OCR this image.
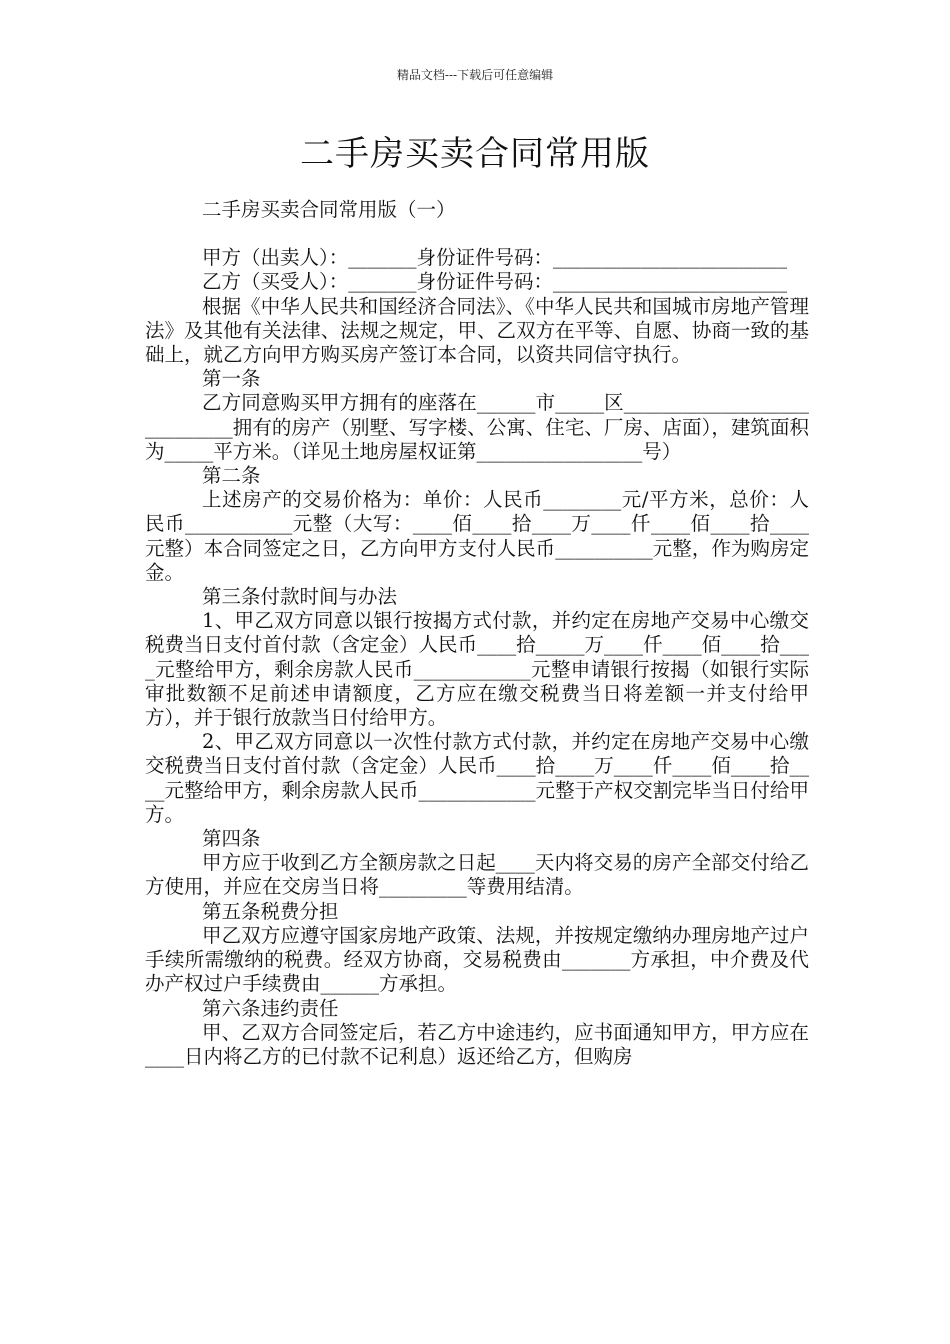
精品文档---下载后可任意编辑
二手房买卖合同常用版

二手房买卖合同常用版（一）

甲方（出卖人）：_______身份证件号码：________________________

乙方（买受人）：_______身份证件号码：________________________

根据《中华人民共和国经济合同法》、《中华人民共和国城市房地产管理法》及其他有关法律、法规之规定，甲、乙双方在平等、自愿、协商一致的基础上，就乙方向甲方购买房产签订本合同，以资共同信守执行。

第一条

乙方同意购买甲方拥有的座落在______市_____区____________________________拥有的房产（别墅、写字楼、公寓、住宅、厂房、店面），建筑面积为_____平方米。（详见土地房屋权证第_________________号）

第二条

上述房产的交易价格为：单价：人民币________元/平方米，总价：人民币___________元整（大写：____佰____拾____万____仟____佰____拾____元整）本合同签定之日，乙方向甲方支付人民币__________元整，作为购房定金。

第三条付款时间与办法

1、甲乙双方同意以银行按揭方式付款，并约定在房地产交易中心缴交税费当日支付首付款（含定金）人民币____拾_____万____仟____佰____拾____元整给甲方，剩余房款人民币____________元整申请银行按揭（如银行实际审批数额不足前述申请额度，乙方应在缴交税费当日将差额一并支付给甲方），并于银行放款当日付给甲方。

2、甲乙双方同意以一次性付款方式付款，并约定在房地产交易中心缴交税费当日支付首付款（含定金）人民币____拾____万____仟____佰____拾____元整给甲方，剩余房款人民币____________元整于产权交割完毕当日付给甲方。

第四条

甲方应于收到乙方全额房款之日起____天内将交易的房产全部交付给乙方使用，并应在交房当日将_________等费用结清。

第五条税费分担

甲乙双方应遵守国家房地产政策、法规，并按规定缴纳办理房地产过户手续所需缴纳的税费。经双方协商，交易税费由_______方承担，中介费及代办产权过户手续费由______方承担。

第六条违约责任

甲、乙双方合同签定后，若乙方中途违约，应书面通知甲方，甲方应在____日内将乙方的已付款不记利息）返还给乙方，但购房
